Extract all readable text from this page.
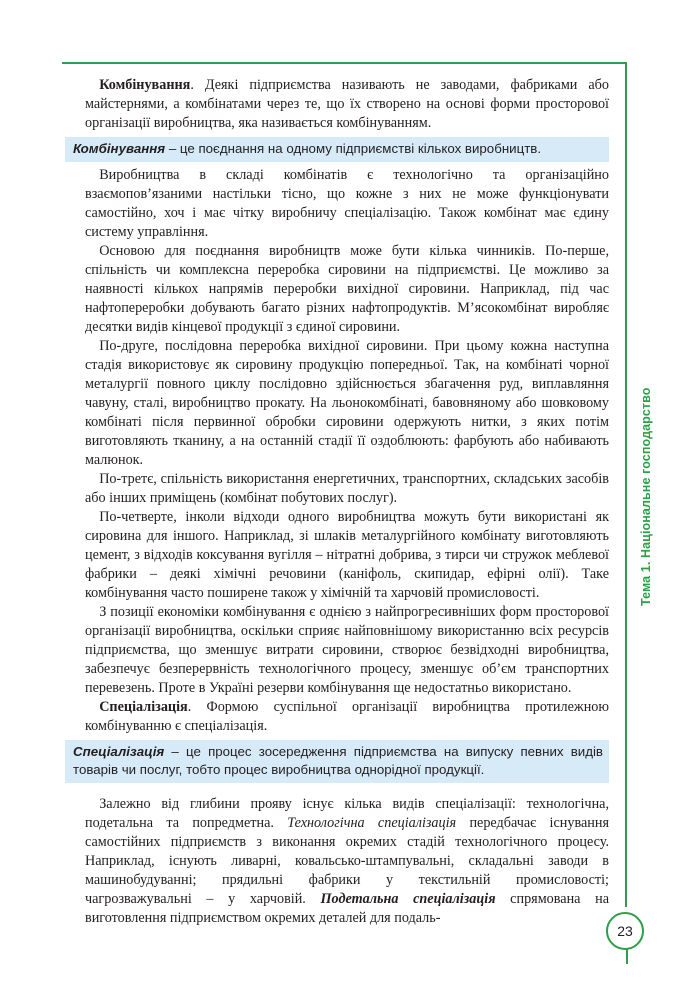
Тема 1. Національне господарство
23

 Комбінування. Деякі підприємства називають не заводами, фабриками або майстернями, а комбінатами через те, що їх створено на основі форми просторової організації виробництва, яка називається комбінуванням.

Комбінування – це поєднання на одному підприємстві кількох виробництв.

 Виробництва в складі комбінатів є технологічно та організаційно взаємопов’язаними настільки тісно, що кожне з них не може функціонувати самостійно, хоч і має чітку виробничу спеціалізацію. Також комбінат має єдину систему управління.

 Основою для поєднання виробництв може бути кілька чинників. По-перше, спільність чи комплексна переробка сировини на підприємстві. Це можливо за наявності кількох напрямів переробки вихідної сировини. Наприклад, під час нафтопереробки добувають багато різних нафтопродуктів. М’ясокомбінат виробляє десятки видів кінцевої продукції з єдиної сировини.

 По-друге, послідовна переробка вихідної сировини. При цьому кожна наступна стадія використовує як сировину продукцію попередньої. Так, на комбінаті чорної металургії повного циклу послідовно здійснюється збагачення руд, виплавляння чавуну, сталі, виробництво прокату. На льонокомбінаті, бавовняному або шовковому комбінаті після первинної обробки сировини одержують нитки, з яких потім виготовляють тканину, а на останній стадії її оздоблюють: фарбують або набивають малюнок.

 По-третє, спільність використання енергетичних, транспортних, складських засобів або інших приміщень (комбінат побутових послуг).

 По-четверте, інколи відходи одного виробництва можуть бути використані як сировина для іншого. Наприклад, зі шлаків металургійного комбінату виготовляють цемент, з відходів коксування вугілля – нітратні добрива, з тирси чи стружок меблевої фабрики – деякі хімічні речовини (каніфоль, скипидар, ефірні олії). Таке комбінування часто поширене також у хімічній та харчовій промисловості.

 З позиції економіки комбінування є однією з найпрогресивніших форм просторової організації виробництва, оскільки сприяє найповнішому використанню всіх ресурсів підприємства, що зменшує витрати сировини, створює безвідходні виробництва, забезпечує безперервність технологічного процесу, зменшує об’єм транспортних перевезень. Проте в Україні резерви комбінування ще недостатньо використано.

 Спеціалізація. Формою суспільної організації виробництва протилежною комбінуванню є спеціалізація.

Спеціалізація – це процес зосередження підприємства на випуску певних видів товарів чи послуг, тобто процес виробництва однорідної продукції.

 Залежно від глибини прояву існує кілька видів спеціалізації: технологічна, подетальна та попредметна. Технологічна спеціалізація передбачає існування самостійних підприємств з виконання окремих стадій технологічного процесу. Наприклад, існують ливарні, ковальсько-штампувальні, складальні заводи в машинобудуванні; прядильні фабрики у текстильній промисловості; чагрозважувальні – у харчовій. Подетальна спеціалізація спрямована на виготовлення підприємством окремих деталей для подаль-
